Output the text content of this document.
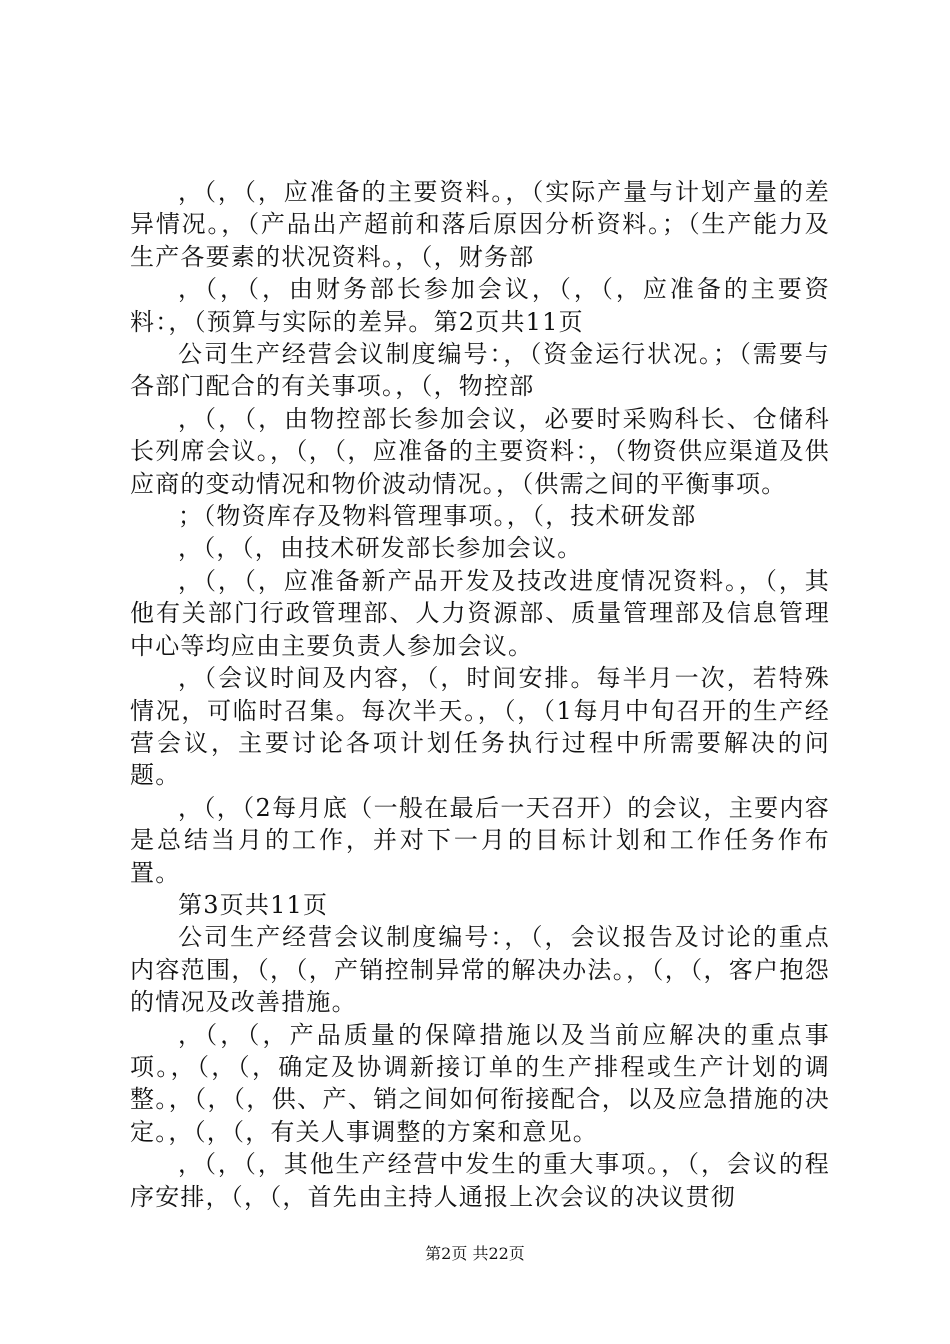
，（，（，应准备的主要资料。，（实际产量与计划产量的差异情况。，（产品出产超前和落后原因分析资料。；（生产能力及生产各要素的状况资料。，（，财务部

，（，（，由财务部长参加会议，（，（，应准备的主要资料：，（预算与实际的差异。第2页共11页

公司生产经营会议制度编号：，（资金运行状况。；（需要与各部门配合的有关事项。，（，物控部

，（，（，由物控部长参加会议，必要时采购科长、仓储科长列席会议。，（，（，应准备的主要资料：，（物资供应渠道及供应商的变动情况和物价波动情况。，（供需之间的平衡事项。

；（物资库存及物料管理事项。，（，技术研发部

，（，（，由技术研发部长参加会议。

，（，（，应准备新产品开发及技改进度情况资料。，（，其他有关部门行政管理部、人力资源部、质量管理部及信息管理中心等均应由主要负责人参加会议。

，（会议时间及内容，（，时间安排。每半月一次，若特殊情况，可临时召集。每次半天。，（，（1每月中旬召开的生产经营会议，主要讨论各项计划任务执行过程中所需要解决的问题。

，（，（2每月底（一般在最后一天召开）的会议，主要内容是总结当月的工作，并对下一月的目标计划和工作任务作布置。

第3页共11页

公司生产经营会议制度编号：，（，会议报告及讨论的重点内容范围，（，（，产销控制异常的解决办法。，（，（，客户抱怨的情况及改善措施。

，（，（，产品质量的保障措施以及当前应解决的重点事项。，（，（，确定及协调新接订单的生产排程或生产计划的调整。，（，（，供、产、销之间如何衔接配合，以及应急措施的决定。，（，（，有关人事调整的方案和意见。

，（，（，其他生产经营中发生的重大事项。，（，会议的程序安排，（，（，首先由主持人通报上次会议的决议贯彻

第2页 共22页
